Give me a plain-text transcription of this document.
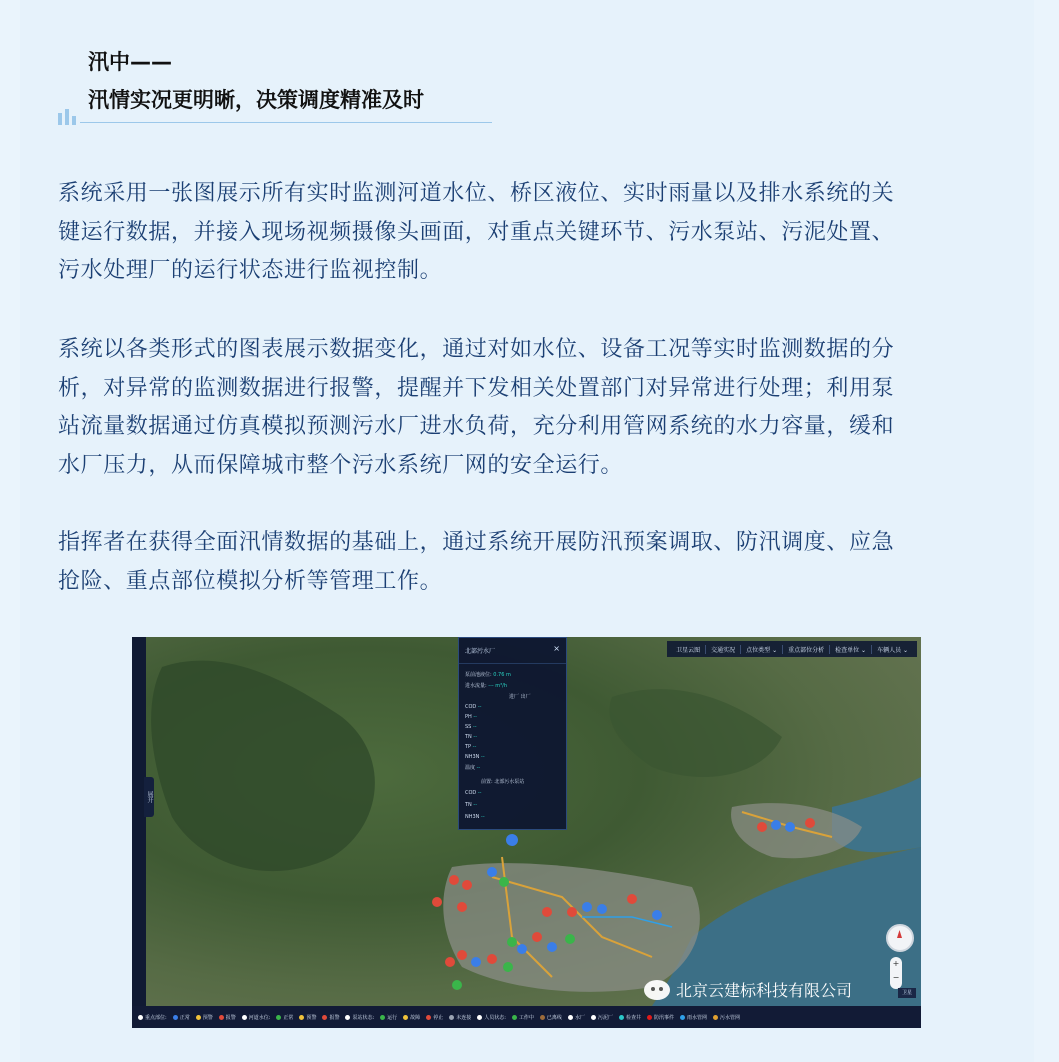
汛中——
汛情实况更明晰，决策调度精准及时

系统采用一张图展示所有实时监测河道水位、桥区液位、实时雨量以及排水系统的关
键运行数据，并接入现场视频摄像头画面，对重点关键环节、污水泵站、污泥处置、
污水处理厂的运行状态进行监视控制。

系统以各类形式的图表展示数据变化，通过对如水位、设备工况等实时监测数据的分
析，对异常的监测数据进行报警，提醒并下发相关处置部门对异常进行处理；利用泵
站流量数据通过仿真模拟预测污水厂进水负荷，充分利用管网系统的水力容量，缓和
水厂压力，从而保障城市整个污水系统厂网的安全运行。

指挥者在获得全面汛情数据的基础上，通过系统开展防汛预案调取、防汛调度、应急
抢险、重点部位模拟分析等管理工作。

展开
卫星云图	交通实况	点位类型 ⌄	重点部位分析	检查单位 ⌄	车辆人员 ⌄
北部污水厂	×
泵前池液位: 0.76 m
进水流量: --- m³/h
进厂 出厂
COD --
PH --
SS --
TN --
TP --
NH3N --
温度 --
前置: 北部污水泵站
COD --
TN --
NH3N --
+
−
北京云建标科技有限公司	卫星
重点部位:	正常	预警	报警	河道水位:	正常	预警	报警	泵站状态:	运行	故障	停止	未连接	人员状态:	工作中	已离线	水厂	污泥厂	检查井	防汛事件	雨水管网	污水管网
